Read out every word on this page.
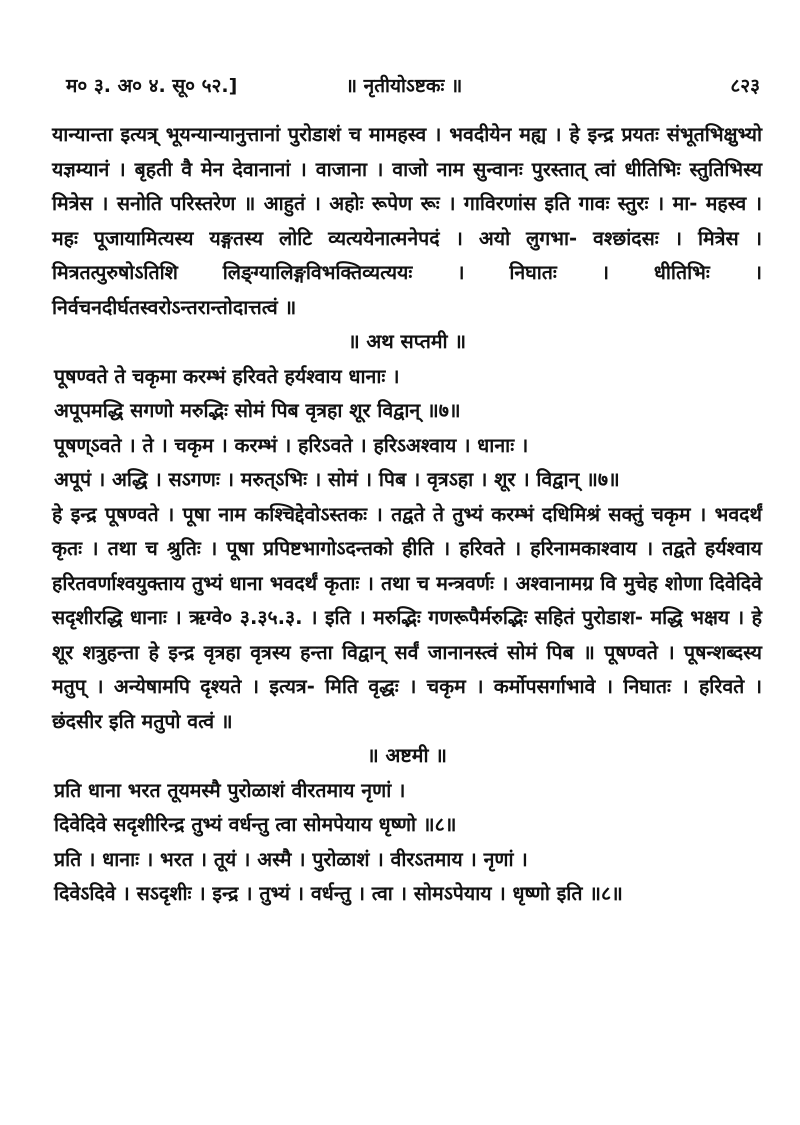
म० ३. अ० ४. सू० ५२.]	॥ नृतीयोऽष्टकः ॥	८२३

यान्यान्ता इत्यत्र् भूयन्यान्यानुत्तानां पुरोडाशं च मामहस्व । भवदीयेन मह्य । हे इन्द्र प्रयतः संभूतभिक्षुभ्यो यज्ञम्यानं । बृहती वै मेन देवानानां । वाजाना । वाजो नाम सुन्वानः पुरस्तात् त्वां धीतिभिः स्तुतिभिस्य मित्रेस । सनोति परिस्तरेण ॥ आहुतं । अहोः रूपेण रूः । गाविरणांस इति गावः स्तुरः । मा- महस्व । महः पूजायामित्यस्य यङ्गतस्य लोटि व्यत्ययेनात्मनेपदं । अयो लुगभा- वश्छांदसः । मित्रेस । मित्रतत्पुरुषोऽतिशि लिङ्ग्यालिङ्गविभक्तिव्यत्ययः । निघातः । धीतिभिः । निर्वचनदीर्घतस्वरोऽन्तरान्तोदात्तत्वं ॥

॥ अथ सप्तमी ॥

पूषण्वते ते चकृमा करम्भं हरिवते हर्यश्वाय धानाः ।
अपूपमद्धि सगणो मरुद्भिः सोमं पिब वृत्रहा शूर विद्वान् ॥७॥
पूषण्ऽवते । ते । चकृम । करम्भं । हरिऽवते । हरिऽअश्वाय । धानाः ।
अपूपं । अद्धि । सऽगणः । मरुत्ऽभिः । सोमं । पिब । वृत्रऽहा । शूर । विद्वान् ॥७॥

हे इन्द्र पूषण्वते । पूषा नाम कश्चिद्देवोऽस्तकः । तद्वते ते तुभ्यं करम्भं दधिमिश्रं सक्तुं चकृम । भवदर्थं कृतः । तथा च श्रुतिः । पूषा प्रपिष्टभागोऽदन्तको हीति । हरिवते । हरिनामकाश्वाय । तद्वते हर्यश्वाय हरितवर्णाश्वयुक्ताय तुभ्यं धाना भवदर्थं कृताः । तथा च मन्त्रवर्णः । अश्वानामग्र वि मुचेह शोणा दिवेदिवे सदृशीरद्धि धानाः । ऋग्वे० ३.३५.३. । इति । मरुद्भिः गणरूपैर्मरुद्भिः सहितं पुरोडाश- मद्धि भक्षय । हे शूर शत्रुहन्ता हे इन्द्र वृत्रहा वृत्रस्य हन्ता विद्वान् सर्वं जानानस्त्वं सोमं पिब ॥ पूषण्वते । पूषन्शब्दस्य मतुप् । अन्येषामपि दृश्यते । इत्यत्र- मिति वृद्धः । चकृम । कर्मोपसर्गाभावे । निघातः । हरिवते । छंदसीर इति मतुपो वत्वं ॥

॥ अष्टमी ॥

प्रति धाना भरत तूयमस्मै पुरोळाशं वीरतमाय नृणां ।
दिवेदिवे सदृशीरिन्द्र तुभ्यं वर्धन्तु त्वा सोमपेयाय धृष्णो ॥८॥
प्रति । धानाः । भरत । तूयं । अस्मै । पुरोळाशं । वीरऽतमाय । नृणां ।
दिवेऽदिवे । सऽदृशीः । इन्द्र । तुभ्यं । वर्धन्तु । त्वा । सोमऽपेयाय । धृष्णो इति ॥८॥
